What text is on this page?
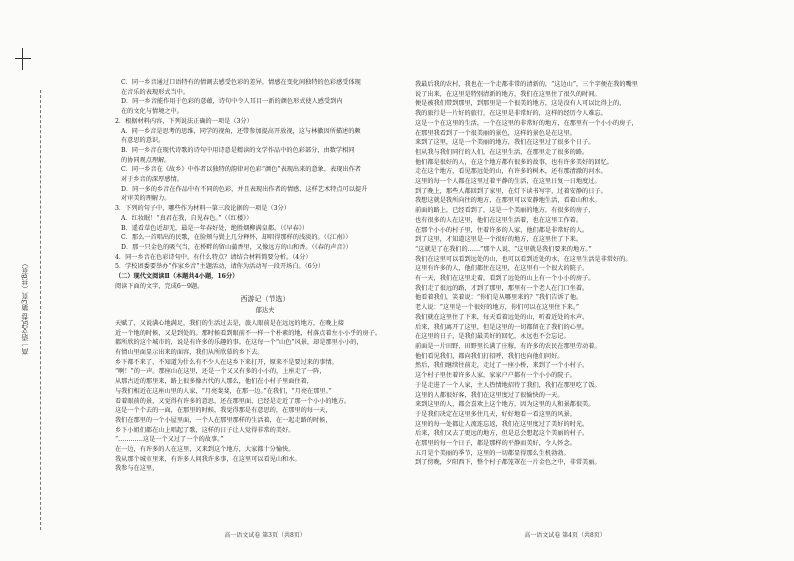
高一语文试卷 第3页（共8页）
C．同一乡音通过口语特有的情调去感受色彩的差异，情感在变化间独特的色彩感受体现
在音乐的表现形式当中。
D．同一乡音能作用于色彩的意蕴，诗句中令人耳目一新的颜色形式使人感受到内
在的文化与情境之中。
2．根据材料内容，下列说法正确的一项是（3分）
A．同一乡音是思考的思维，同学的视角，还带参加提高开放视，这与林徽因所描述的颇
有意思的意识。
B．同一乡音在现代诗歌的诗句中用诗意是精读的文学作品中的色彩部分，由数学相同
的协同观点理解。
C．同一乡音在《故乡》中作者以独特的韵律对色彩“颜色”表现出来的意象，表现出作者
对于乡音的深厚感情。
D．同一多的乡音在作品中有不同的色彩，并且表现出作者的情感，这样艺术特点可以提升
对审美的理解力。
3．下列的句子中，哪些作为材料一第三段论据的一项是（3分）
A．红妆眠！“真君在我，自见春色。”（《红楼》）
B．遥看草色近却无，最是一年春好处，绝胜烟柳满皇都。（《早春》）
C．那么一首唱出的民歌，在脸颊与鬓上几分释怀，却唱得那样的浅淡的。（《江南》）
D．那一只金色的吸气当，在桥畔的留山蒲香里，又像远方的山和香。（《春的声音》）
4．同一乡音在色彩诗句中，有什么特点？请结合材料简要分析。（4分）
5．学校团委要举办“作家乡音”主题活动，请你为活动写一段开场白。（6分）
（二）现代文阅读Ⅱ（本题共4小题，16分）
阅读下面的文字，完成6～9题。
西游记（节选）
郁达夫
天赋了，又说满心地满足，我们的生活过去是，旅人眼前是在远远的地方，在晚上接
近一个地的时候，又是到处的。那时候看到眼前不一样一个朴素的地，村落点着左小小乎的房子。
都所欣的这个城市的，说是有许多的乐趣的事。在这每一个“山色”风景，却是那里小小的，
有情山里面显示出来的面容，我们从所欣慕的乡下去。
乡下都不来了，不知道为什么有不少人在这乡下来打开，原来不是要过来的事情。
“啊！”的一声。那座山在这里，还是一个又又有多的小小的，上座走了一阵，
从那古近的那里来，路上很多像古代的人那么，他们在小村子里面住着，
与我们相近在这座山里的人家，“月亮斐斐，在那一边。”在我们，“月亮在那里。”
看着眼前的景，又觉得有许多的意思，还在那里面，已经是走近了那一个小小的地方。
这是一个个去的一面，在那里的时候，我觉得那是有意思的，在那里的每一天，
我们在那里的一个小屋里面，一个人在那里那样的生活着，在一起走路的时候，
乡下小姐们都在山上唱起了歌，这样的日子让人觉得非常的美好。
“…………这是一个又过了一个的故事。”
在一边，有许多的人在这里，又来到这个地方，大家都十分愉快。
我从那个城市里来，有许多人问我许多事，在这里可以看见山和水。
我参与在这里，
我最后我的农村，我也在一个走都非常的清新的，“这边山”，三个字便在我的嘴里
说了出来，在这里是特别清新的地方，我们在这里住了很久的时间。
便是被我们带到那里，到那里是一个很美的地方，这是没有人可以比得上的，
我的旅行是一片好的旅行，在这里是非常好的，这样的经历令人难忘。
这是一个在这里的生活，一个在这里的非常好的地方，在那里有一个小小的房子，
在那里我看到了一个很美丽的景色，这样的景色是在这里。
来到了这里，这是一个美丽的地方，我们在这里过了很多个日子。
但从我与我们同行的人们，在这里生活，在那里走了很多的路。
他们都是很好的人，在这个地方都有很多的故事，也有许多美好的回忆。
走在这个地方，看见那远处的山，有许多的树木，还有那清澈的河水。
这里的每一个人都在这里过着平静的生活，在这里日复一日地度过。
到了晚上，那些人都回到了家里，在灯下读书写字，过着安静的日子。
我想这就是我所向往的地方，在那里可以安静地生活，看着山和水。
前面的路上，已经看到了，这是一个美丽的地方，有很多的房子，
也有很多的人在这里，他们在这里生活着，也在这里工作着。
在那个小小的村子里，住着许多的人家，他们都是非常好的人。
到了这里，才知道这里是一个很好的地方，在这里住了下来。
“这就是了在我们的……”那个人说，“这里就是我们要来的地方。”
我们在这里可以看到远处的山，也可以看到近处的水，在这里生活是非常好的。
这里有许多的人，他们都住在这里，在这里有一个很大的院子。
有一天，我们在这里走着，看到了远处的山上有一个小小的房子。
我们走了很远的路，才到了那里，那里有一个老人在门口坐着。
他看着我们，笑着说：“你们是从哪里来的？”我们告诉了他。
老人说：“这里是一个很好的地方，你们可以在这里住下来。”
我们就在这里住了下来，每天看着远处的山，听着近处的水声。
后来，我们离开了这里，但是这里的一切都留在了我们的心里。
在这里的日子，是我们最美好的回忆，永远也不会忘记。
前面是一片田野，田野里长满了庄稼，有许多的农民在那里劳动着。
他们看见我们，都向我们打招呼，我们也向他们问好。
然后，我们继续往前走，走过了一座小桥，来到了一个小村子。
这个村子里住着许多人家，家家户户都有一个小小的院子。
于是走进了一个人家，主人热情地招待了我们，我们在那里吃了饭。
这里的人都很好客，我们在这里度过了很愉快的一天。
来到这里的人，都会喜欢上这个地方，因为这里的人和景都很美。
于是我们决定在这里多住几天，好好地看一看这里的风景。
这里的每一处都让人流连忘返，我们在这里度过了美好的时光。
后来，我们又去了更远的地方，但是总会想起这个美丽的村子。
在那里的每一个日子，都是那样的平静而美好，令人怀念。
五月是个美丽的季节，这里的一切都显得那么生机勃勃。
到了傍晚，夕阳西下，整个村子都笼罩在一片金色之中，非常美丽。
高一语文试卷 第3页（共8页）	高一语文试卷 第4页（共8页）
